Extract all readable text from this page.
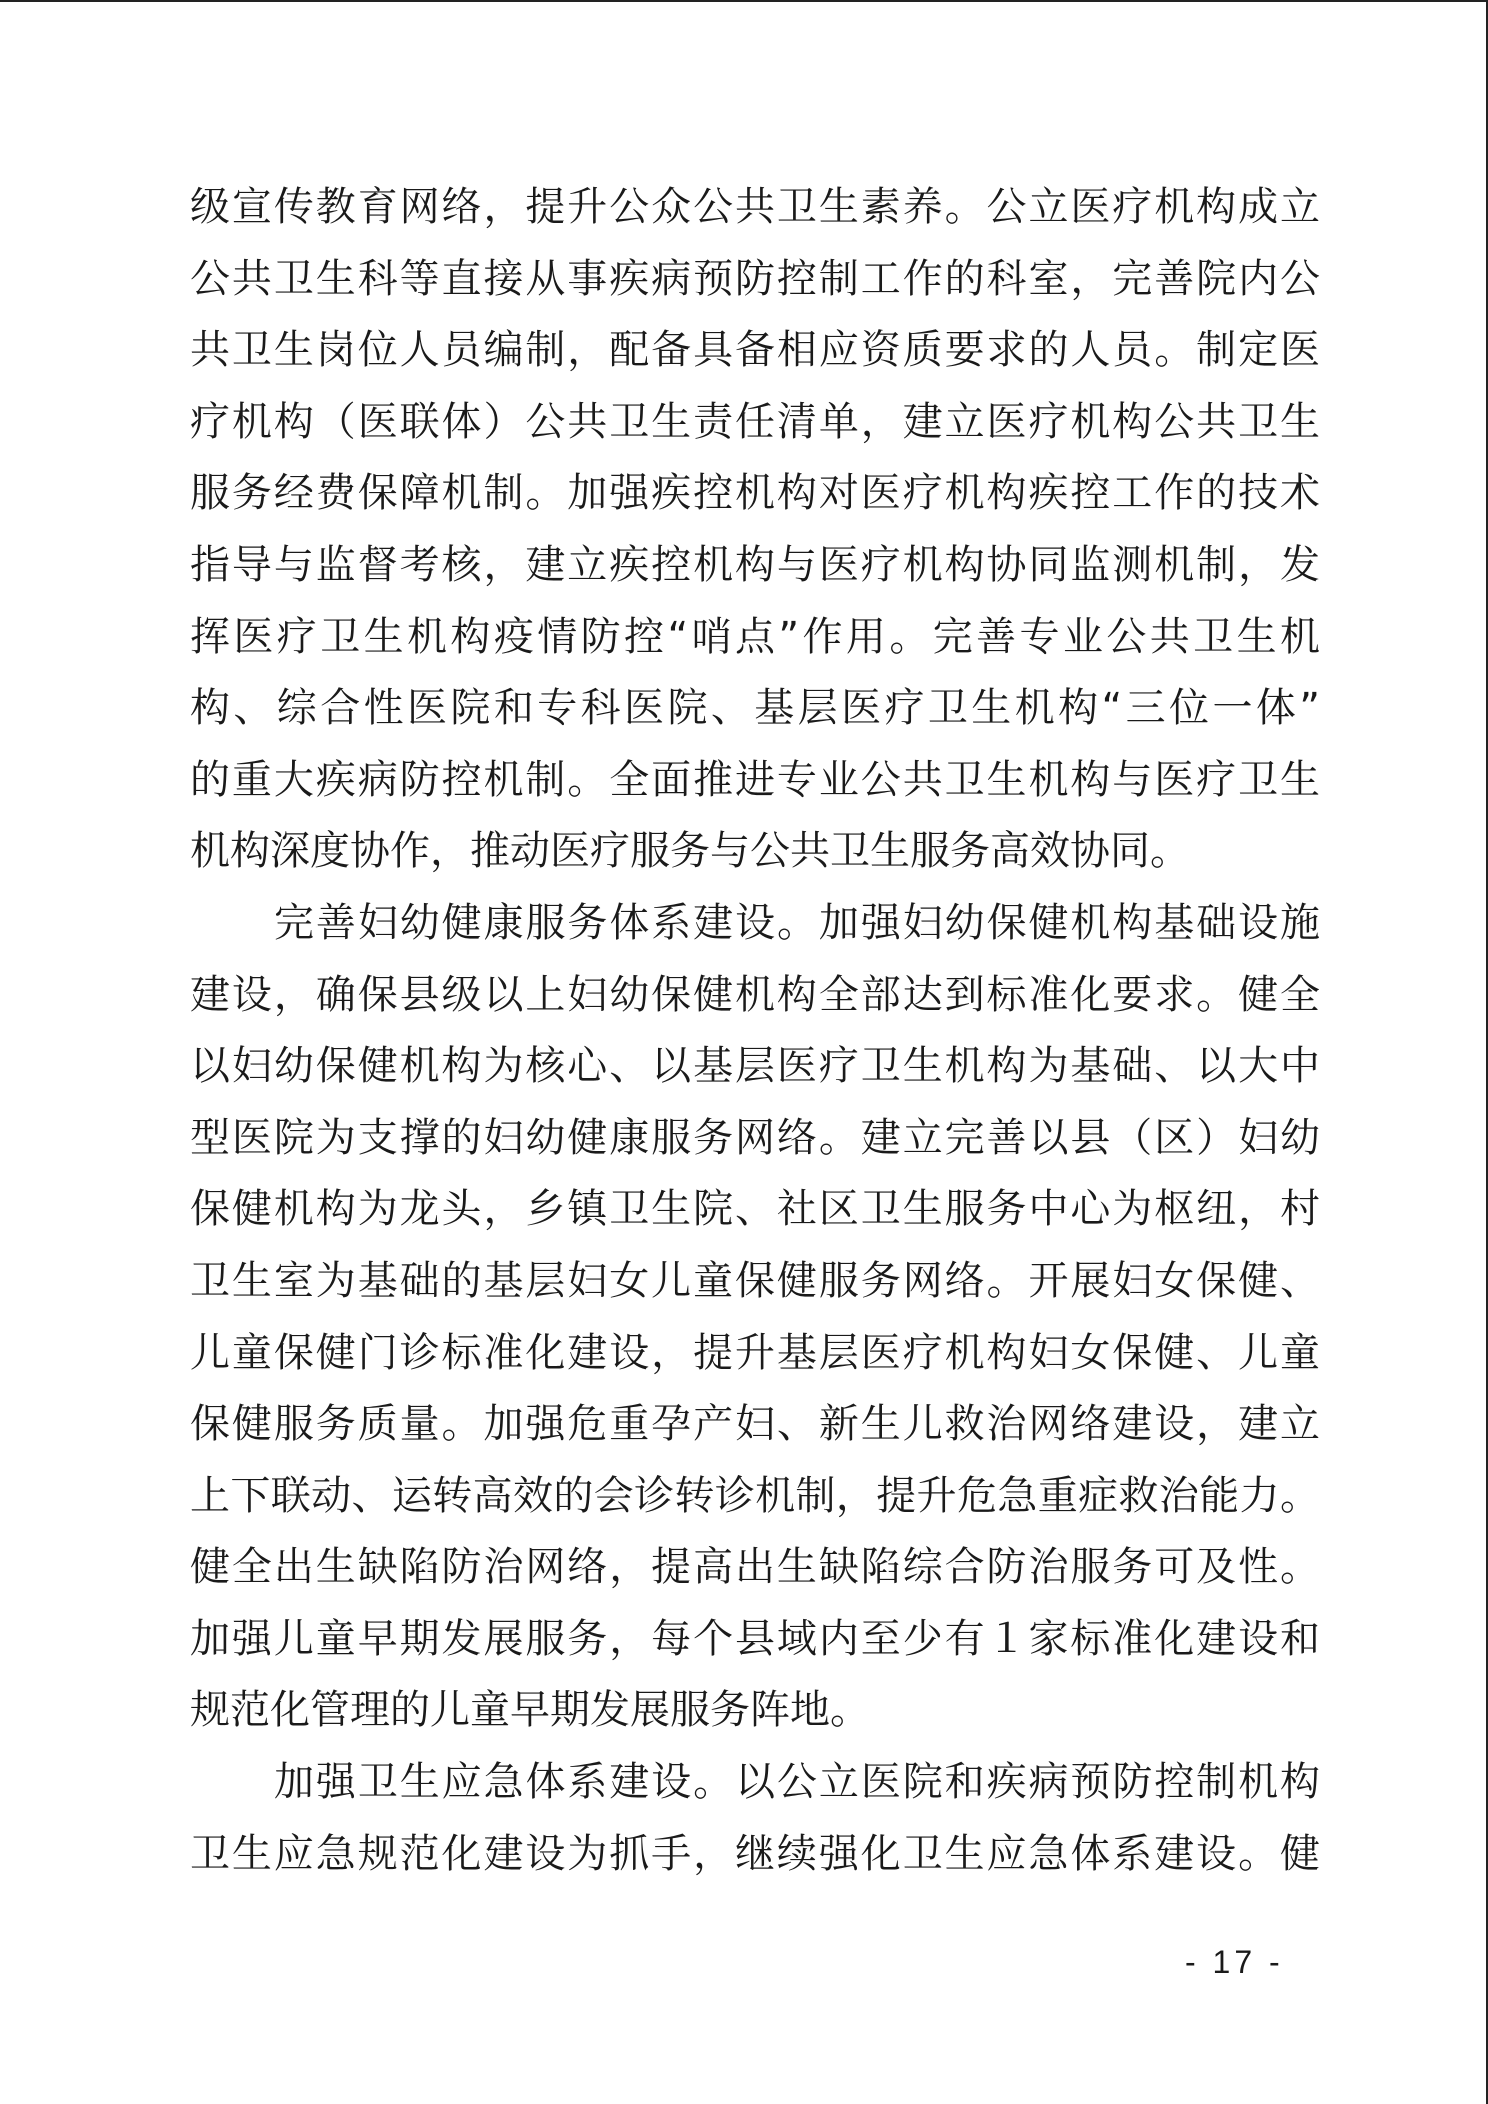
级宣传教育网络，提升公众公共卫生素养。公立医疗机构成立
公共卫生科等直接从事疾病预防控制工作的科室，完善院内公
共卫生岗位人员编制，配备具备相应资质要求的人员。制定医
疗机构（医联体）公共卫生责任清单，建立医疗机构公共卫生
服务经费保障机制。加强疾控机构对医疗机构疾控工作的技术
指导与监督考核，建立疾控机构与医疗机构协同监测机制，发
挥医疗卫生机构疫情防控“哨点”作用。完善专业公共卫生机
构、综合性医院和专科医院、基层医疗卫生机构“三位一体”
的重大疾病防控机制。全面推进专业公共卫生机构与医疗卫生
机构深度协作，推动医疗服务与公共卫生服务高效协同。
完善妇幼健康服务体系建设。加强妇幼保健机构基础设施
建设，确保县级以上妇幼保健机构全部达到标准化要求。健全
以妇幼保健机构为核心、以基层医疗卫生机构为基础、以大中
型医院为支撑的妇幼健康服务网络。建立完善以县（区）妇幼
保健机构为龙头，乡镇卫生院、社区卫生服务中心为枢纽，村
卫生室为基础的基层妇女儿童保健服务网络。开展妇女保健、
儿童保健门诊标准化建设，提升基层医疗机构妇女保健、儿童
保健服务质量。加强危重孕产妇、新生儿救治网络建设，建立
上下联动、运转高效的会诊转诊机制，提升危急重症救治能力。
健全出生缺陷防治网络，提高出生缺陷综合防治服务可及性。
加强儿童早期发展服务，每个县域内至少有１家标准化建设和
规范化管理的儿童早期发展服务阵地。
加强卫生应急体系建设。以公立医院和疾病预防控制机构
卫生应急规范化建设为抓手，继续强化卫生应急体系建设。健
- 17 -
